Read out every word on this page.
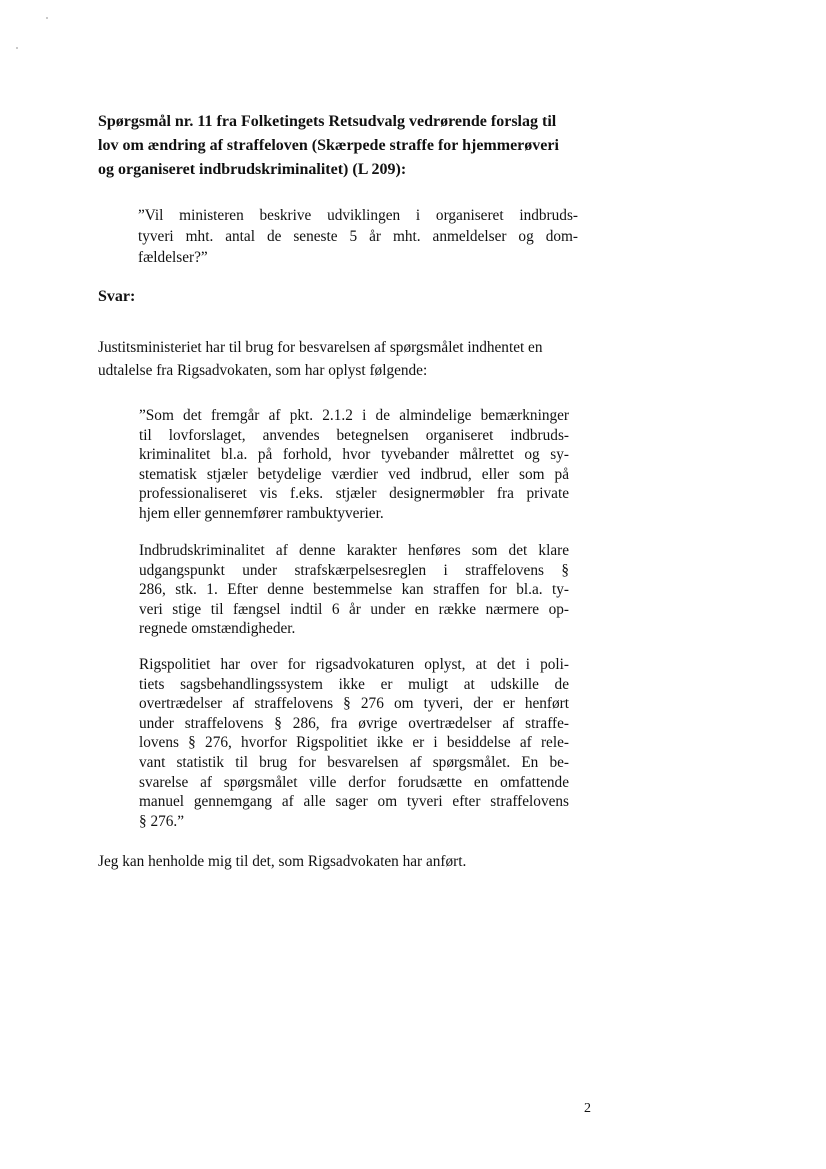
Spørgsmål nr. 11 fra Folketingets Retsudvalg vedrørende forslag til
lov om ændring af straffeloven (Skærpede straffe for hjemmerøveri
og organiseret indbrudskriminalitet) (L 209):
”Vil ministeren beskrive udviklingen i organiseret indbruds-
tyveri mht. antal de seneste 5 år mht. anmeldelser og dom-
fældelser?”
Svar:
Justitsministeriet har til brug for besvarelsen af spørgsmålet indhentet en
udtalelse fra Rigsadvokaten, som har oplyst følgende:
”Som det fremgår af pkt. 2.1.2 i de almindelige bemærkninger
til lovforslaget, anvendes betegnelsen organiseret indbruds-
kriminalitet bl.a. på forhold, hvor tyvebander målrettet og sy-
stematisk stjæler betydelige værdier ved indbrud, eller som på
professionaliseret vis f.eks. stjæler designermøbler fra private
hjem eller gennemfører rambuktyverier.
Indbrudskriminalitet af denne karakter henføres som det klare
udgangspunkt under strafskærpelsesreglen i straffelovens §
286, stk. 1. Efter denne bestemmelse kan straffen for bl.a. ty-
veri stige til fængsel indtil 6 år under en række nærmere op-
regnede omstændigheder.
Rigspolitiet har over for rigsadvokaturen oplyst, at det i poli-
tiets sagsbehandlingssystem ikke er muligt at udskille de
overtrædelser af straffelovens § 276 om tyveri, der er henført
under straffelovens § 286, fra øvrige overtrædelser af straffe-
lovens § 276, hvorfor Rigspolitiet ikke er i besiddelse af rele-
vant statistik til brug for besvarelsen af spørgsmålet. En be-
svarelse af spørgsmålet ville derfor forudsætte en omfattende
manuel gennemgang af alle sager om tyveri efter straffelovens
§ 276.”
Jeg kan henholde mig til det, som Rigsadvokaten har anført.
2
